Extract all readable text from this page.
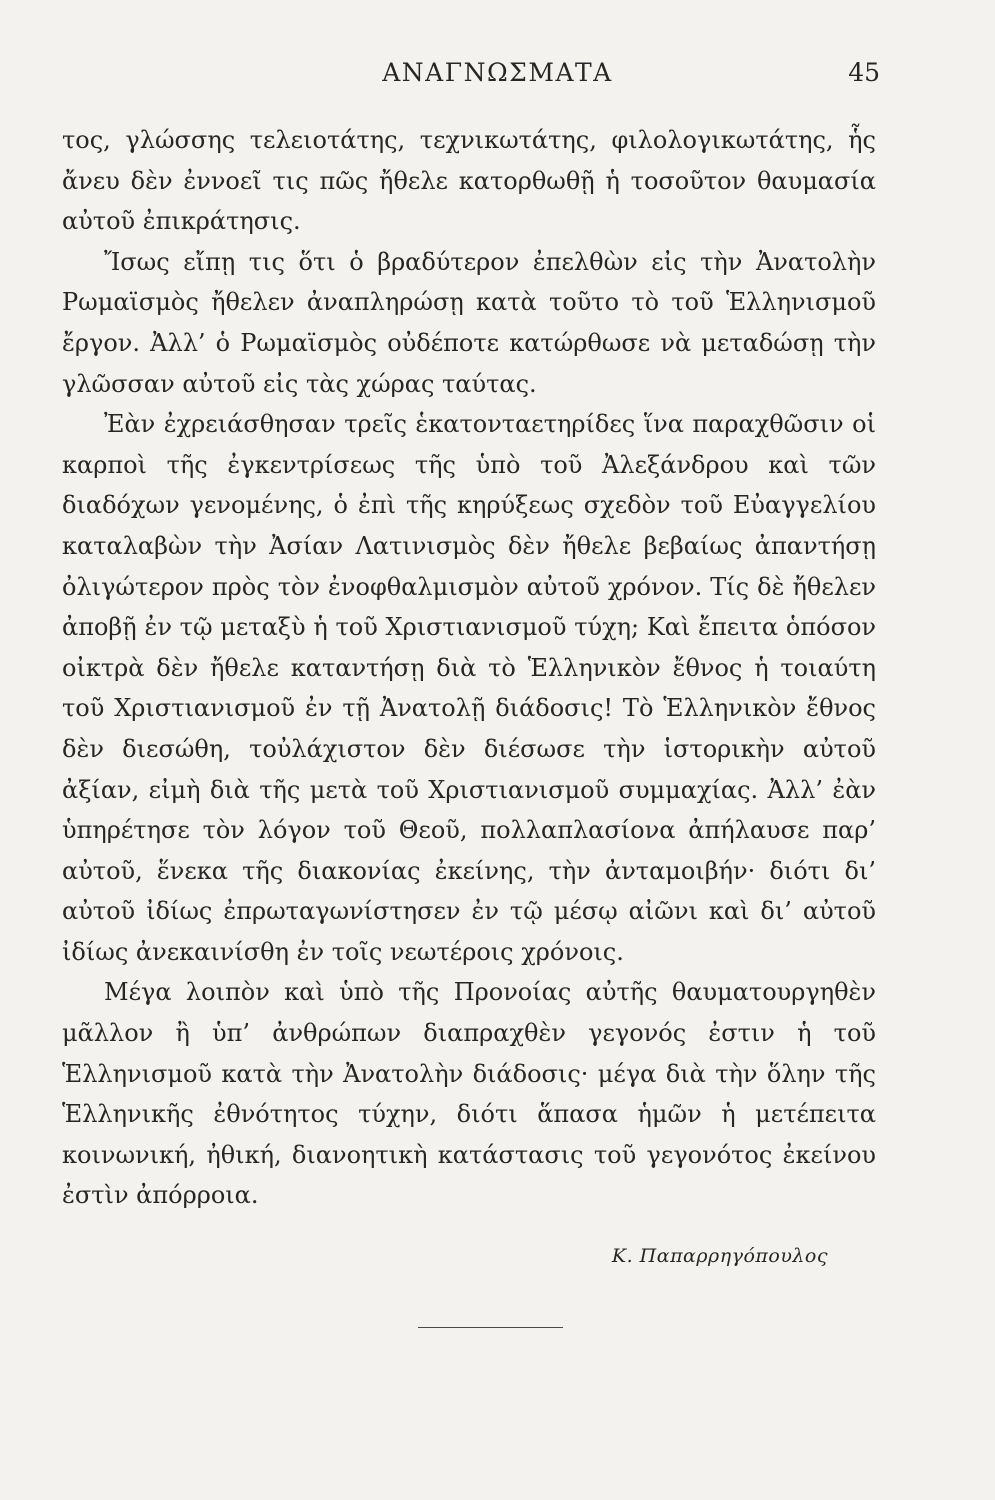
ΑΝΑΓΝΩΣΜΑΤΑ	45

τος, γλώσσης τελειοτάτης, τεχνικωτάτης, φιλολογικωτάτης, ἧς ἄνευ δὲν ἐννοεῖ τις πῶς ἤθελε κατορθωθῇ ἡ τοσοῦτον θαυμασία αὐτοῦ ἐπικράτησις.

Ἴσως εἴπῃ τις ὅτι ὁ βραδύτερον ἐπελθὼν εἰς τὴν Ἀνατολὴν Ρωμαϊσμὸς ἤθελεν ἀναπληρώσῃ κατὰ τοῦτο τὸ τοῦ Ἑλληνισμοῦ ἔργον. Ἀλλ’ ὁ Ρωμαϊσμὸς οὐδέποτε κατώρθωσε νὰ μεταδώσῃ τὴν γλῶσσαν αὐτοῦ εἰς τὰς χώρας ταύτας.

Ἐὰν ἐχρειάσθησαν τρεῖς ἑκατονταετηρίδες ἵνα παραχθῶσιν οἱ καρποὶ τῆς ἐγκεντρίσεως τῆς ὑπὸ τοῦ Ἀλεξάνδρου καὶ τῶν διαδόχων γενομένης, ὁ ἐπὶ τῆς κηρύξεως σχεδὸν τοῦ Εὐαγγελίου καταλαβὼν τὴν Ἀσίαν Λατινισμὸς δὲν ἤθελε βεβαίως ἀπαντήσῃ ὀλιγώτερον πρὸς τὸν ἐνοφθαλμισμὸν αὐτοῦ χρόνον. Τίς δὲ ἤθελεν ἀποβῇ ἐν τῷ μεταξὺ ἡ τοῦ Χριστιανισμοῦ τύχη; Καὶ ἔπειτα ὁπόσον οἰκτρὰ δὲν ἤθελε καταντήσῃ διὰ τὸ Ἑλληνικὸν ἔθνος ἡ τοιαύτη τοῦ Χριστιανισμοῦ ἐν τῇ Ἀνατολῇ διάδοσις! Τὸ Ἑλληνικὸν ἔθνος δὲν διεσώθη, τοὐλάχιστον δὲν διέσωσε τὴν ἱστορικὴν αὐτοῦ ἀξίαν, εἰμὴ διὰ τῆς μετὰ τοῦ Χριστιανισμοῦ συμμαχίας. Ἀλλ’ ἐὰν ὑπηρέτησε τὸν λόγον τοῦ Θεοῦ, πολλαπλασίονα ἀπήλαυσε παρ’ αὐτοῦ, ἕνεκα τῆς διακονίας ἐκείνης, τὴν ἀνταμοιβήν· διότι δι’ αὐτοῦ ἰδίως ἐπρωταγωνίστησεν ἐν τῷ μέσῳ αἰῶνι καὶ δι’ αὐτοῦ ἰδίως ἀνεκαινίσθη ἐν τοῖς νεωτέροις χρόνοις.

Μέγα λοιπὸν καὶ ὑπὸ τῆς Προνοίας αὐτῆς θαυματουργηθὲν μᾶλλον ἢ ὑπ’ ἀνθρώπων διαπραχθὲν γεγονός ἐστιν ἡ τοῦ Ἑλληνισμοῦ κατὰ τὴν Ἀνατολὴν διάδοσις· μέγα διὰ τὴν ὅλην τῆς Ἑλληνικῆς ἐθνότητος τύχην, διότι ἅπασα ἡμῶν ἡ μετέπειτα κοινωνική, ἠθική, διανοητικὴ κατάστασις τοῦ γεγονότος ἐκείνου ἐστὶν ἀπόρροια.

Κ. Παπαρρηγόπουλος
